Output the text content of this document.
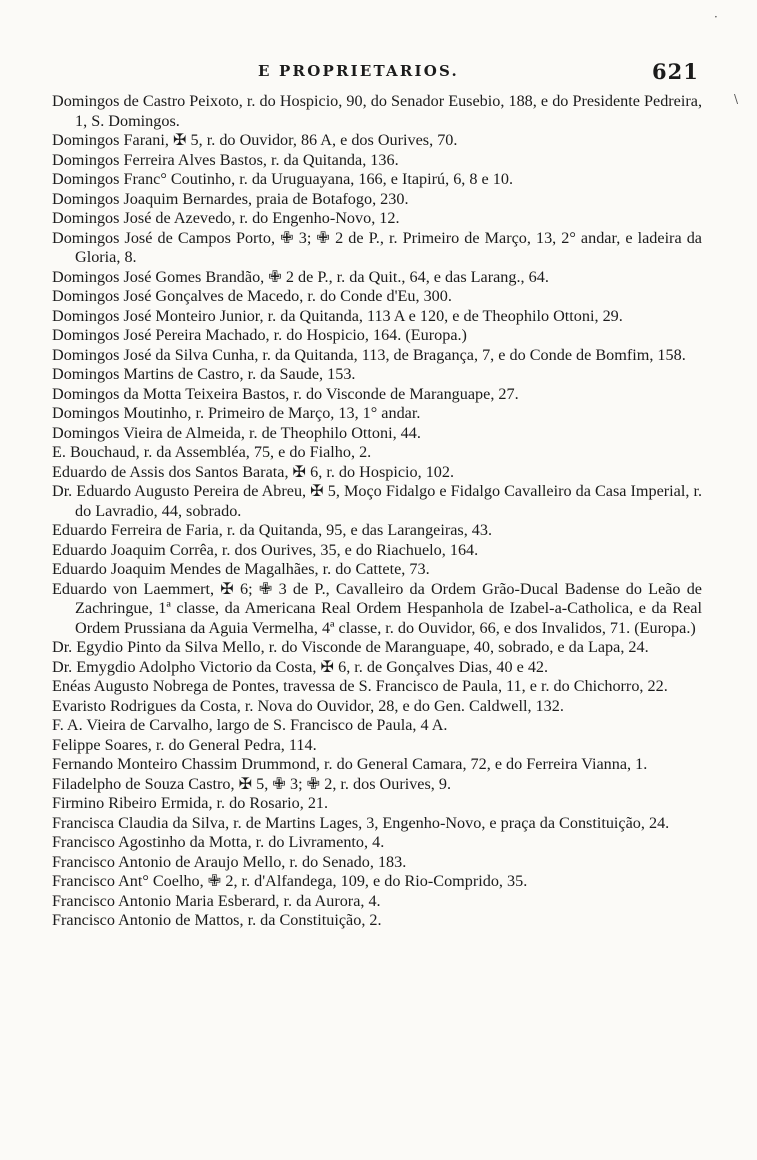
·
\
E PROPRIETARIOS.	621
Domingos de Castro Peixoto, r. do Hospicio, 90, do Senador Eusebio, 188, e do Presidente Pedreira, 1, S. Domingos.
Domingos Farani, ✠ 5, r. do Ouvidor, 86 A, e dos Ourives, 70.
Domingos Ferreira Alves Bastos, r. da Quitanda, 136.
Domingos Franc° Coutinho, r. da Uruguayana, 166, e Itapirú, 6, 8 e 10.
Domingos Joaquim Bernardes, praia de Botafogo, 230.
Domingos José de Azevedo, r. do Engenho-Novo, 12.
Domingos José de Campos Porto, ✙ 3; ✙ 2 de P., r. Primeiro de Março, 13, 2° andar, e ladeira da Gloria, 8.
Domingos José Gomes Brandão, ✙ 2 de P., r. da Quit., 64, e das Larang., 64.
Domingos José Gonçalves de Macedo, r. do Conde d'Eu, 300.
Domingos José Monteiro Junior, r. da Quitanda, 113 A e 120, e de Theophilo Ottoni, 29.
Domingos José Pereira Machado, r. do Hospicio, 164. (Europa.)
Domingos José da Silva Cunha, r. da Quitanda, 113, de Bragança, 7, e do Conde de Bomfim, 158.
Domingos Martins de Castro, r. da Saude, 153.
Domingos da Motta Teixeira Bastos, r. do Visconde de Maranguape, 27.
Domingos Moutinho, r. Primeiro de Março, 13, 1° andar.
Domingos Vieira de Almeida, r. de Theophilo Ottoni, 44.
E. Bouchaud, r. da Assembléa, 75, e do Fialho, 2.
Eduardo de Assis dos Santos Barata, ✠ 6, r. do Hospicio, 102.
Dr. Eduardo Augusto Pereira de Abreu, ✠ 5, Moço Fidalgo e Fidalgo Cavalleiro da Casa Imperial, r. do Lavradio, 44, sobrado.
Eduardo Ferreira de Faria, r. da Quitanda, 95, e das Larangeiras, 43.
Eduardo Joaquim Corrêa, r. dos Ourives, 35, e do Riachuelo, 164.
Eduardo Joaquim Mendes de Magalhães, r. do Cattete, 73.
Eduardo von Laemmert, ✠ 6; ✙ 3 de P., Cavalleiro da Ordem Grão-Ducal Badense do Leão de Zachringue, 1ª classe, da Americana Real Ordem Hespanhola de Izabel-a-Catholica, e da Real Ordem Prussiana da Aguia Vermelha, 4ª classe, r. do Ouvidor, 66, e dos Invalidos, 71. (Europa.)
Dr. Egydio Pinto da Silva Mello, r. do Visconde de Maranguape, 40, sobrado, e da Lapa, 24.
Dr. Emygdio Adolpho Victorio da Costa, ✠ 6, r. de Gonçalves Dias, 40 e 42.
Enéas Augusto Nobrega de Pontes, travessa de S. Francisco de Paula, 11, e r. do Chichorro, 22.
Evaristo Rodrigues da Costa, r. Nova do Ouvidor, 28, e do Gen. Caldwell, 132.
F. A. Vieira de Carvalho, largo de S. Francisco de Paula, 4 A.
Felippe Soares, r. do General Pedra, 114.
Fernando Monteiro Chassim Drummond, r. do General Camara, 72, e do Ferreira Vianna, 1.
Filadelpho de Souza Castro, ✠ 5, ✙ 3; ✙ 2, r. dos Ourives, 9.
Firmino Ribeiro Ermida, r. do Rosario, 21.
Francisca Claudia da Silva, r. de Martins Lages, 3, Engenho-Novo, e praça da Constituição, 24.
Francisco Agostinho da Motta, r. do Livramento, 4.
Francisco Antonio de Araujo Mello, r. do Senado, 183.
Francisco Ant° Coelho, ✙ 2, r. d'Alfandega, 109, e do Rio-Comprido, 35.
Francisco Antonio Maria Esberard, r. da Aurora, 4.
Francisco Antonio de Mattos, r. da Constituição, 2.
